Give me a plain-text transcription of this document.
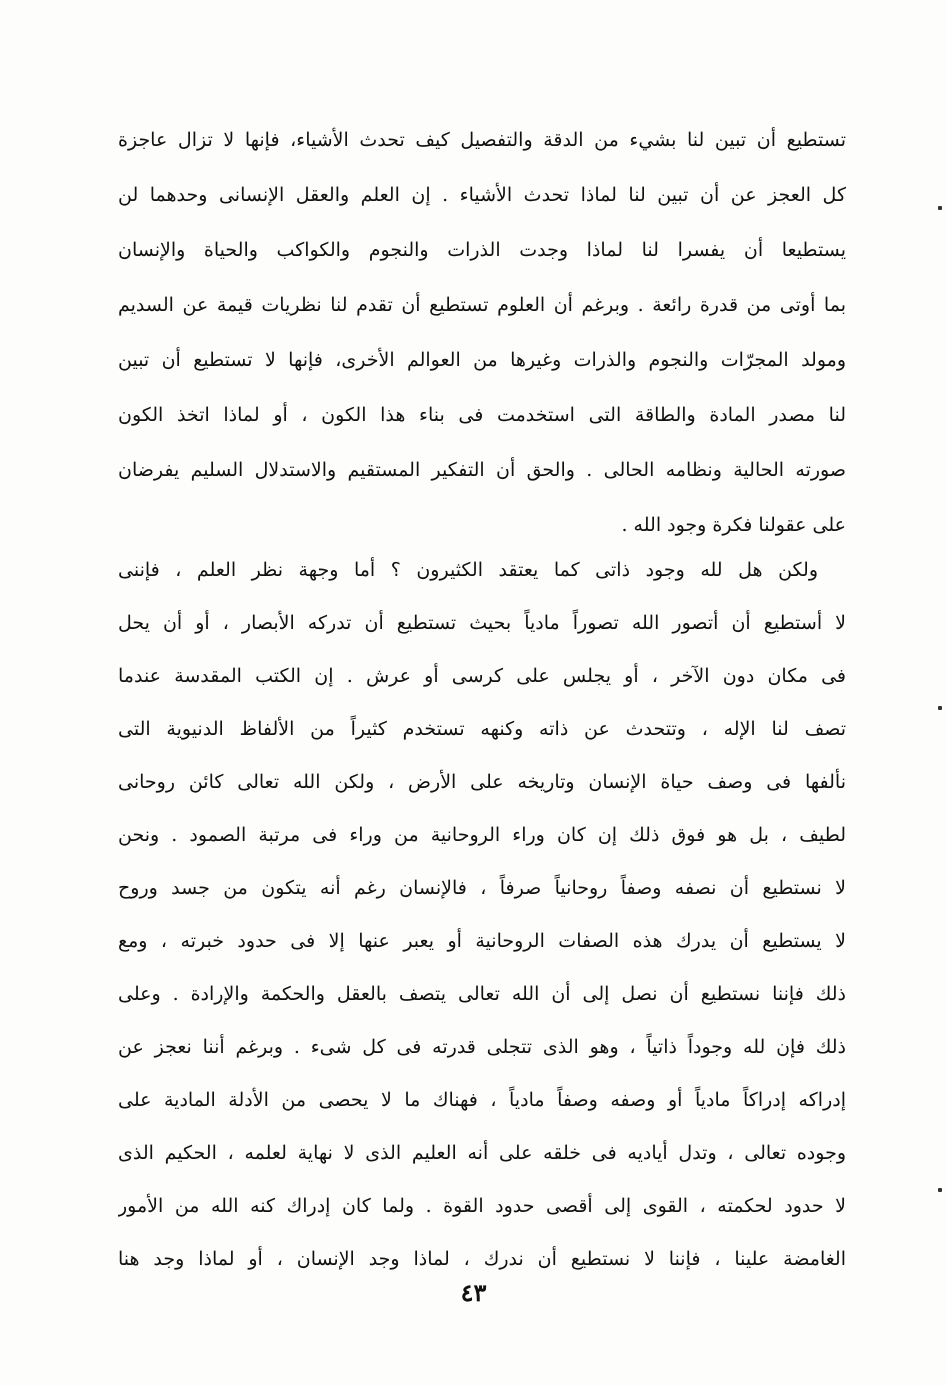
تستطيع أن تبين لنا بشيء من الدقة والتفصيل كيف تحدث الأشياء، فإنها لا تزال عاجزة
كل العجز عن أن تبين لنا لماذا تحدث الأشياء . إن العلم والعقل الإنسانى وحدهما لن
يستطيعا أن يفسرا لنا لماذا وجدت الذرات والنجوم والكواكب والحياة والإنسان
بما أوتى من قدرة رائعة . وبرغم أن العلوم تستطيع أن تقدم لنا نظريات قيمة عن السديم
ومولد المجرّات والنجوم والذرات وغيرها من العوالم الأخرى، فإنها لا تستطيع أن تبين
لنا مصدر المادة والطاقة التى استخدمت فى بناء هذا الكون ، أو لماذا اتخذ الكون
صورته الحالية ونظامه الحالى . والحق أن التفكير المستقيم والاستدلال السليم يفرضان
على عقولنا فكرة وجود الله .
ولكن هل لله وجود ذاتى كما يعتقد الكثيرون ؟ أما وجهة نظر العلم ، فإننى
لا أستطيع أن أتصور الله تصوراً مادياً بحيث تستطيع أن تدركه الأبصار ، أو أن يحل
فى مكان دون الآخر ، أو يجلس على كرسى أو عرش . إن الكتب المقدسة عندما
تصف لنا الإله ، وتتحدث عن ذاته وكنهه تستخدم كثيراً من الألفاظ الدنيوية التى
نألفها فى وصف حياة الإنسان وتاريخه على الأرض ، ولكن الله تعالى كائن روحانى
لطيف ، بل هو فوق ذلك إن كان وراء الروحانية من وراء فى مرتبة الصمود . ونحن
لا نستطيع أن نصفه وصفاً روحانياً صرفاً ، فالإنسان رغم أنه يتكون من جسد وروح
لا يستطيع أن يدرك هذه الصفات الروحانية أو يعبر عنها إلا فى حدود خبرته ، ومع
ذلك فإننا نستطيع أن نصل إلى أن الله تعالى يتصف بالعقل والحكمة والإرادة . وعلى
ذلك فإن لله وجوداً ذاتياً ، وهو الذى تتجلى قدرته فى كل شىء . وبرغم أننا نعجز عن
إدراكه إدراكاً مادياً أو وصفه وصفاً مادياً ، فهناك ما لا يحصى من الأدلة المادية على
وجوده تعالى ، وتدل أياديه فى خلقه على أنه العليم الذى لا نهاية لعلمه ، الحكيم الذى
لا حدود لحكمته ، القوى إلى أقصى حدود القوة . ولما كان إدراك كنه الله من الأمور
الغامضة علينا ، فإننا لا نستطيع أن ندرك ، لماذا وجد الإنسان ، أو لماذا وجد هنا
٤٣
